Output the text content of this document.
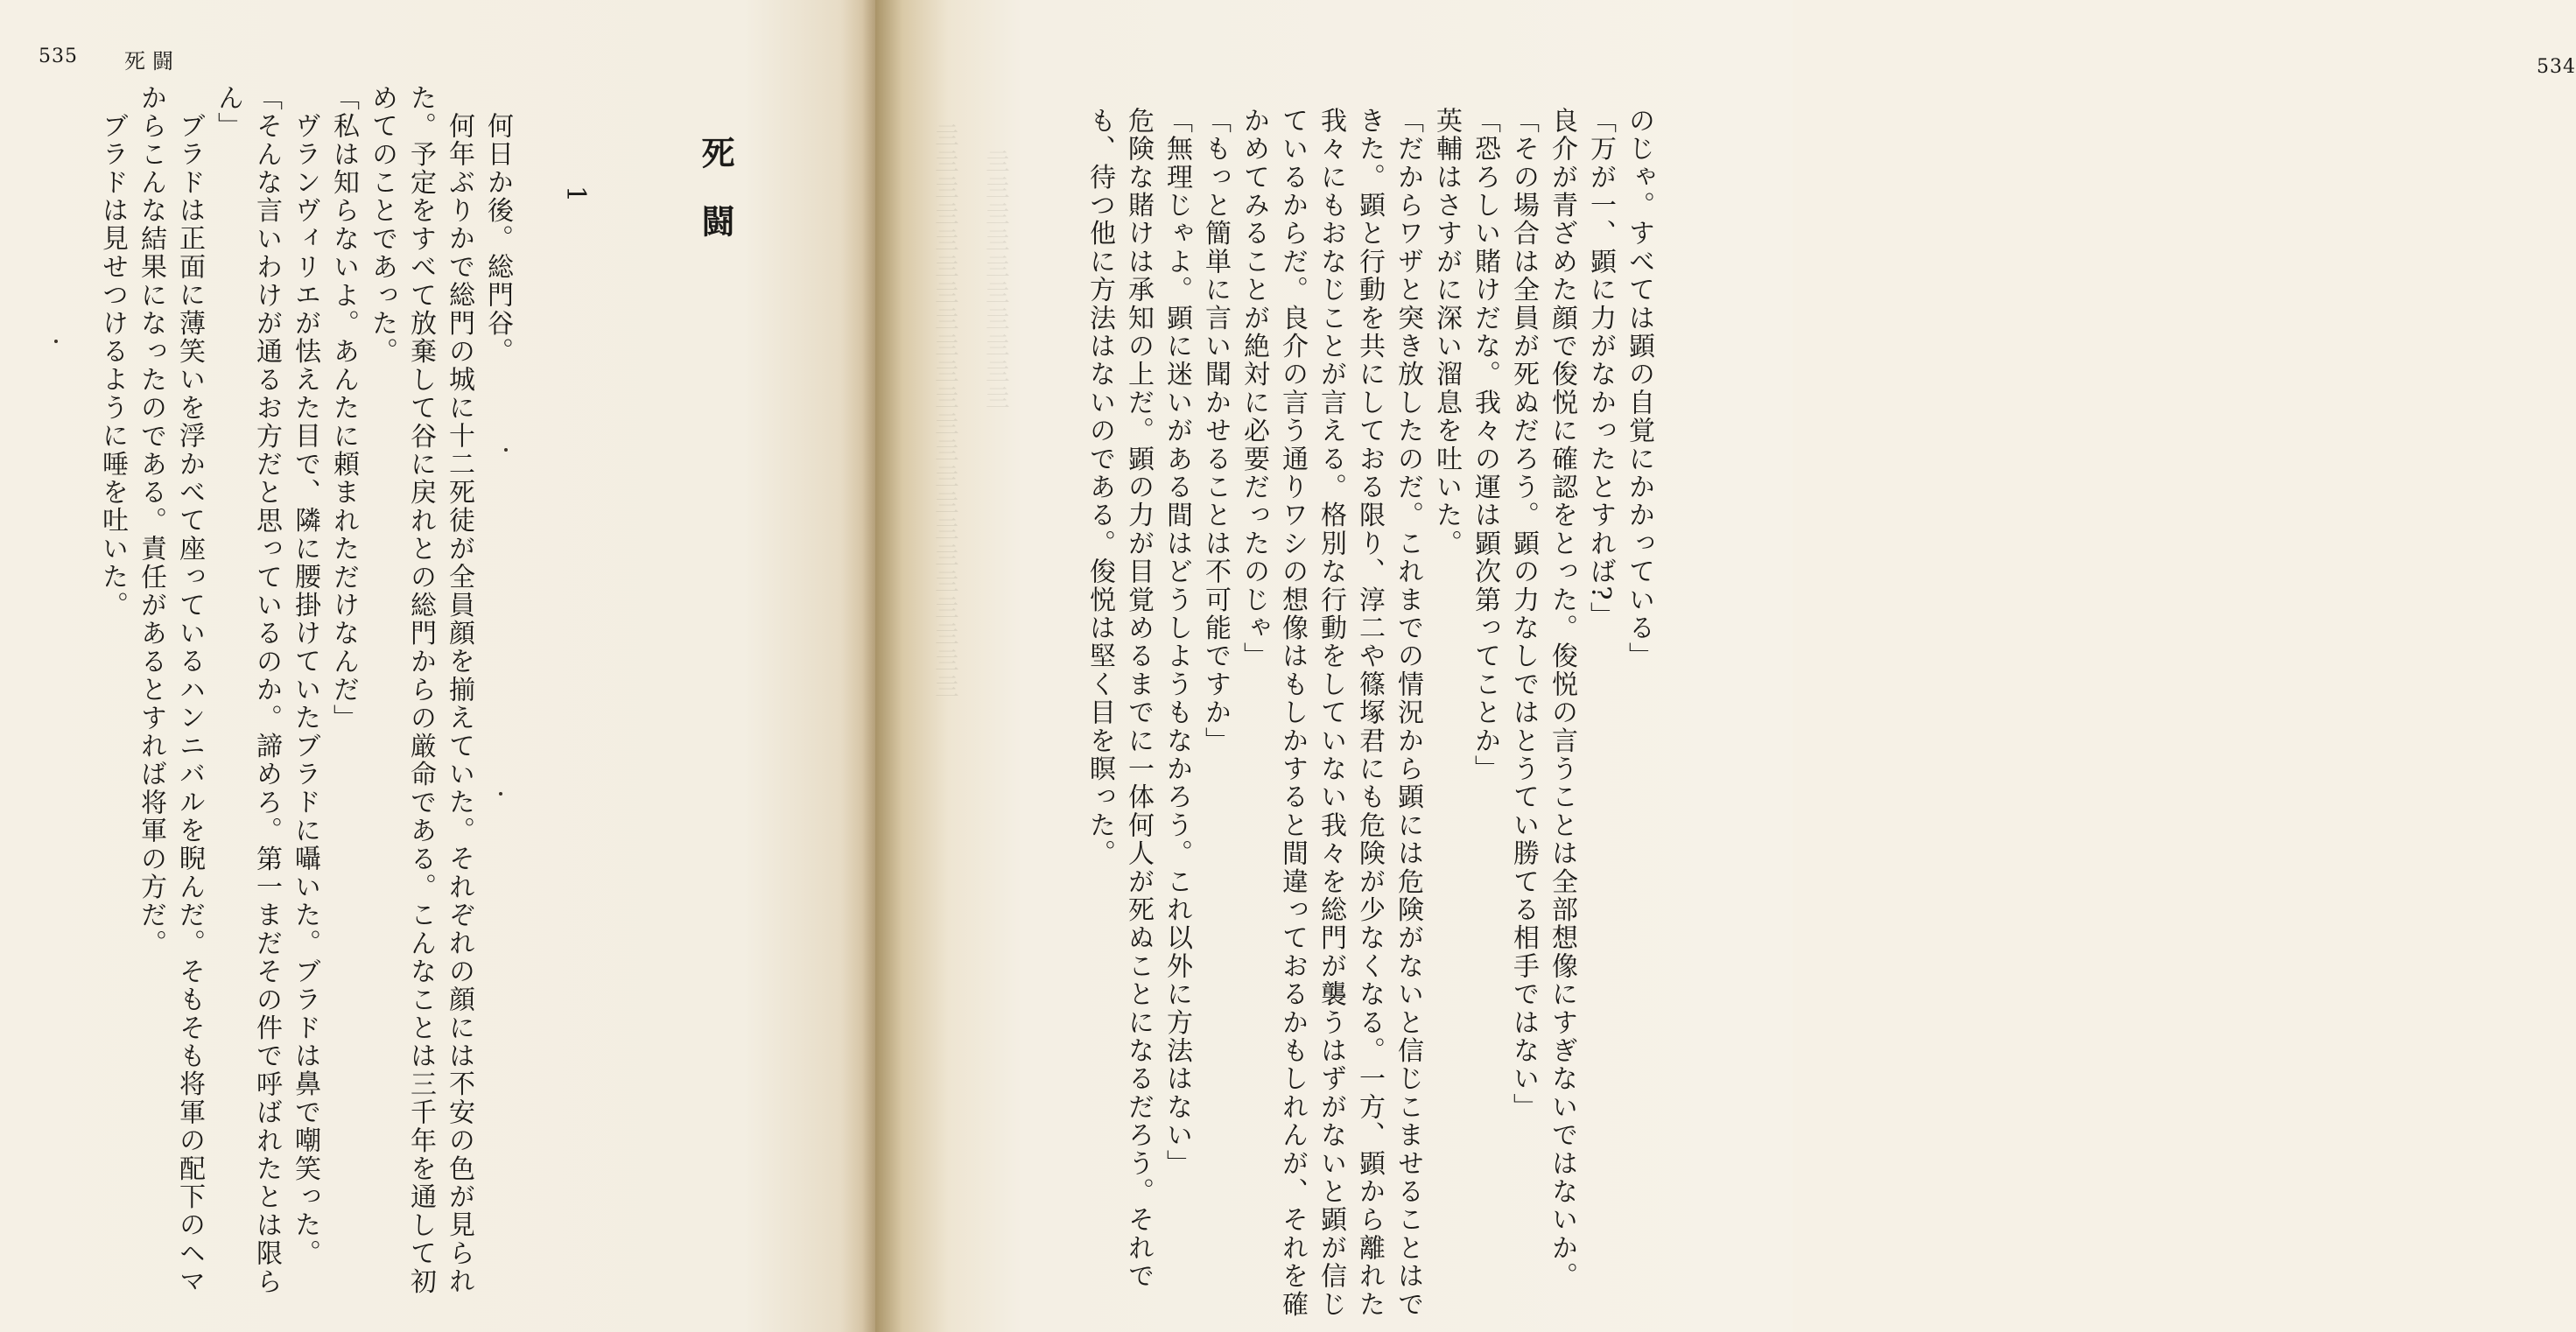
535 死闘
死闘
1
何日か後。総門谷。
何年ぶりかで総門の城に十二死徒が全員顔を揃えていた。それぞれの顔には不安の色が見られ
た。予定をすべて放棄して谷に戻れとの総門からの厳命である。こんなことは三千年を通して初
めてのことであった。
「私は知らないよ。あんたに頼まれただけなんだ」
ヴランヴィリエが怯えた目で、隣に腰掛けていたブラドに囁いた。ブラドは鼻で嘲笑った。
「そんな言いわけが通るお方だと思っているのか。諦めろ。第一まだその件で呼ばれたとは限ら
ん」
ブラドは正面に薄笑いを浮かべて座っているハンニバルを睨んだ。そもそも将軍の配下のヘマ
からこんな結果になったのである。責任があるとすれば将軍の方だ。
ブラドは見せつけるように唾を吐いた。	亖亖亖亖亖亖亖亖亖亖亖亖亖亖亖亖亖亖亖亖亖亖 亖亖亖亖亖亖亖亖亖亖
534
のじゃ。すべては顕の自覚にかかっている」
「万が一、顕に力がなかったとすれば?」
良介が青ざめた顔で俊悦に確認をとった。俊悦の言うことは全部想像にすぎないではないか。
「その場合は全員が死ぬだろう。顕の力なしではとうてい勝てる相手ではない」
「恐ろしい賭けだな。我々の運は顕次第ってことか」
英輔はさすがに深い溜息を吐いた。
「だからワザと突き放したのだ。これまでの情況から顕には危険がないと信じこませることはで
きた。顕と行動を共にしておる限り、淳二や篠塚君にも危険が少なくなる。一方、顕から離れた
我々にもおなじことが言える。格別な行動をしていない我々を総門が襲うはずがないと顕が信じ
ているからだ。良介の言う通りワシの想像はもしかすると間違っておるかもしれんが、それを確
かめてみることが絶対に必要だったのじゃ」
「もっと簡単に言い聞かせることは不可能ですか」
「無理じゃよ。顕に迷いがある間はどうしようもなかろう。これ以外に方法はない」
危険な賭けは承知の上だ。顕の力が目覚めるまでに一体何人が死ぬことになるだろう。それで
も、待つ他に方法はないのである。俊悦は堅く目を瞑った。
